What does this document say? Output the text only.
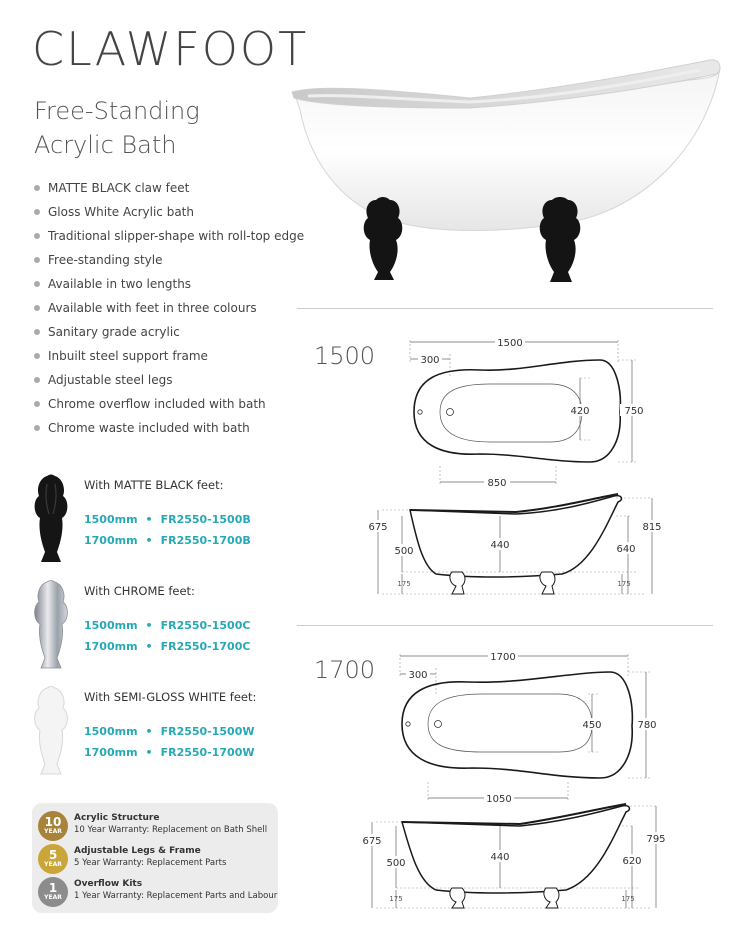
CLAWFOOT
Free-Standing
Acrylic Bath
MATTE BLACK claw feet
Gloss White Acrylic bath
Traditional slipper-shape with roll-top edge
Free-standing style
Available in two lengths
Available with feet in three colours
Sanitary grade acrylic
Inbuilt steel support frame
Adjustable steel legs
Chrome overflow included with bath
Chrome waste included with bath
With MATTE BLACK feet:
1500mm • FR2550-1500B
1700mm • FR2550-1700B
With CHROME feet:
1500mm • FR2550-1500C
1700mm • FR2550-1700C
With SEMI-GLOSS WHITE feet:
1500mm • FR2550-1500W
1700mm • FR2550-1700W
10
YEAR
Acrylic Structure
10 Year Warranty: Replacement on Bath Shell
5
YEAR
Adjustable Legs & Frame
5 Year Warranty: Replacement Parts
1
YEAR
Overflow Kits
1 Year Warranty: Replacement Parts and Labour
1500
1700
1500
300
420	750
850
675
500
440	640
815
175	175
1700
300
450	780
1050
675
500
440	620
795
175	175
